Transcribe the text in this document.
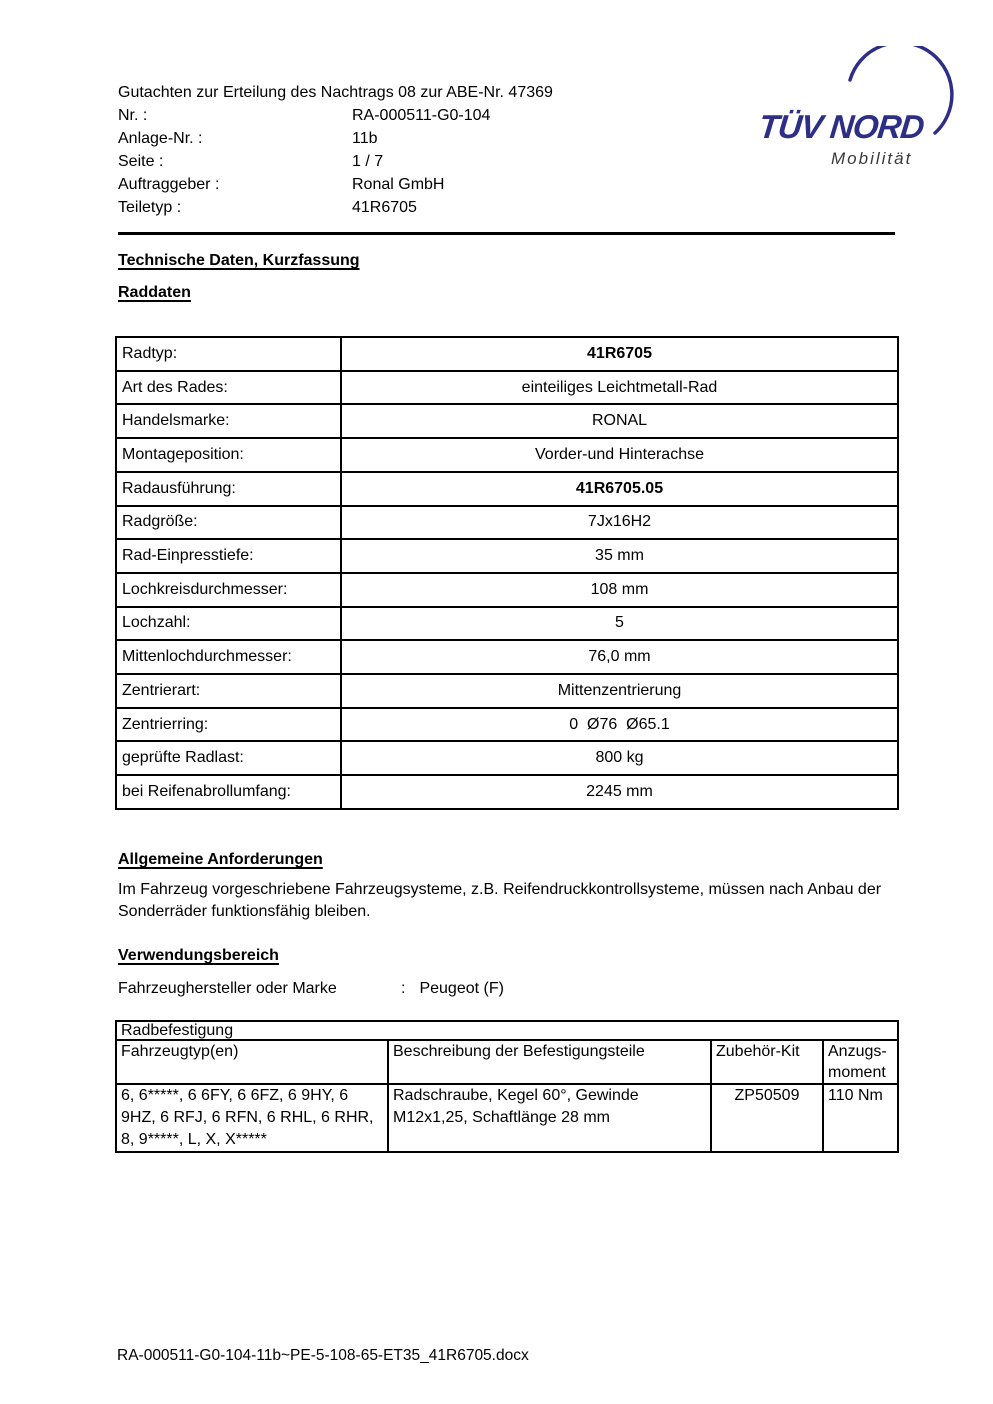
Gutachten zur Erteilung des Nachtrags 08 zur ABE-Nr. 47369
Nr. :	RA-000511-G0-104
Anlage-Nr. :	11b
Seite :	1 / 7
Auftraggeber :	Ronal GmbH
Teiletyp :	41R6705
TÜV NORD
Mobilität
Technische Daten, Kurzfassung
Raddaten
Radtyp:	41R6705
Art des Rades:	einteiliges Leichtmetall-Rad
Handelsmarke:	RONAL
Montageposition:	Vorder-und Hinterachse
Radausführung:	41R6705.05
Radgröße:	7Jx16H2
Rad-Einpresstiefe:	35 mm
Lochkreisdurchmesser:	108 mm
Lochzahl:	5
Mittenlochdurchmesser:	76,0 mm
Zentrierart:	Mittenzentrierung
Zentrierring:	0  Ø76  Ø65.1
geprüfte Radlast:	800 kg
bei Reifenabrollumfang:	2245 mm
Allgemeine Anforderungen
Im Fahrzeug vorgeschriebene Fahrzeugsysteme, z.B. Reifendruckkontrollsysteme, müssen nach Anbau der Sonderräder funktionsfähig bleiben.
Verwendungsbereich
Fahrzeughersteller oder Marke	: Peugeot (F)
Radbefestigung			
Fahrzeugtyp(en)	Beschreibung der Befestigungsteile	Zubehör-Kit	Anzugs-moment
6, 6*****, 6 6FY, 6 6FZ, 6 9HY, 6 9HZ, 6 RFJ, 6 RFN, 6 RHL, 6 RHR, 8, 9*****, L, X, X*****	Radschraube, Kegel 60°, Gewinde M12x1,25, Schaftlänge 28 mm	ZP50509	110 Nm
RA-000511-G0-104-11b~PE-5-108-65-ET35_41R6705.docx
